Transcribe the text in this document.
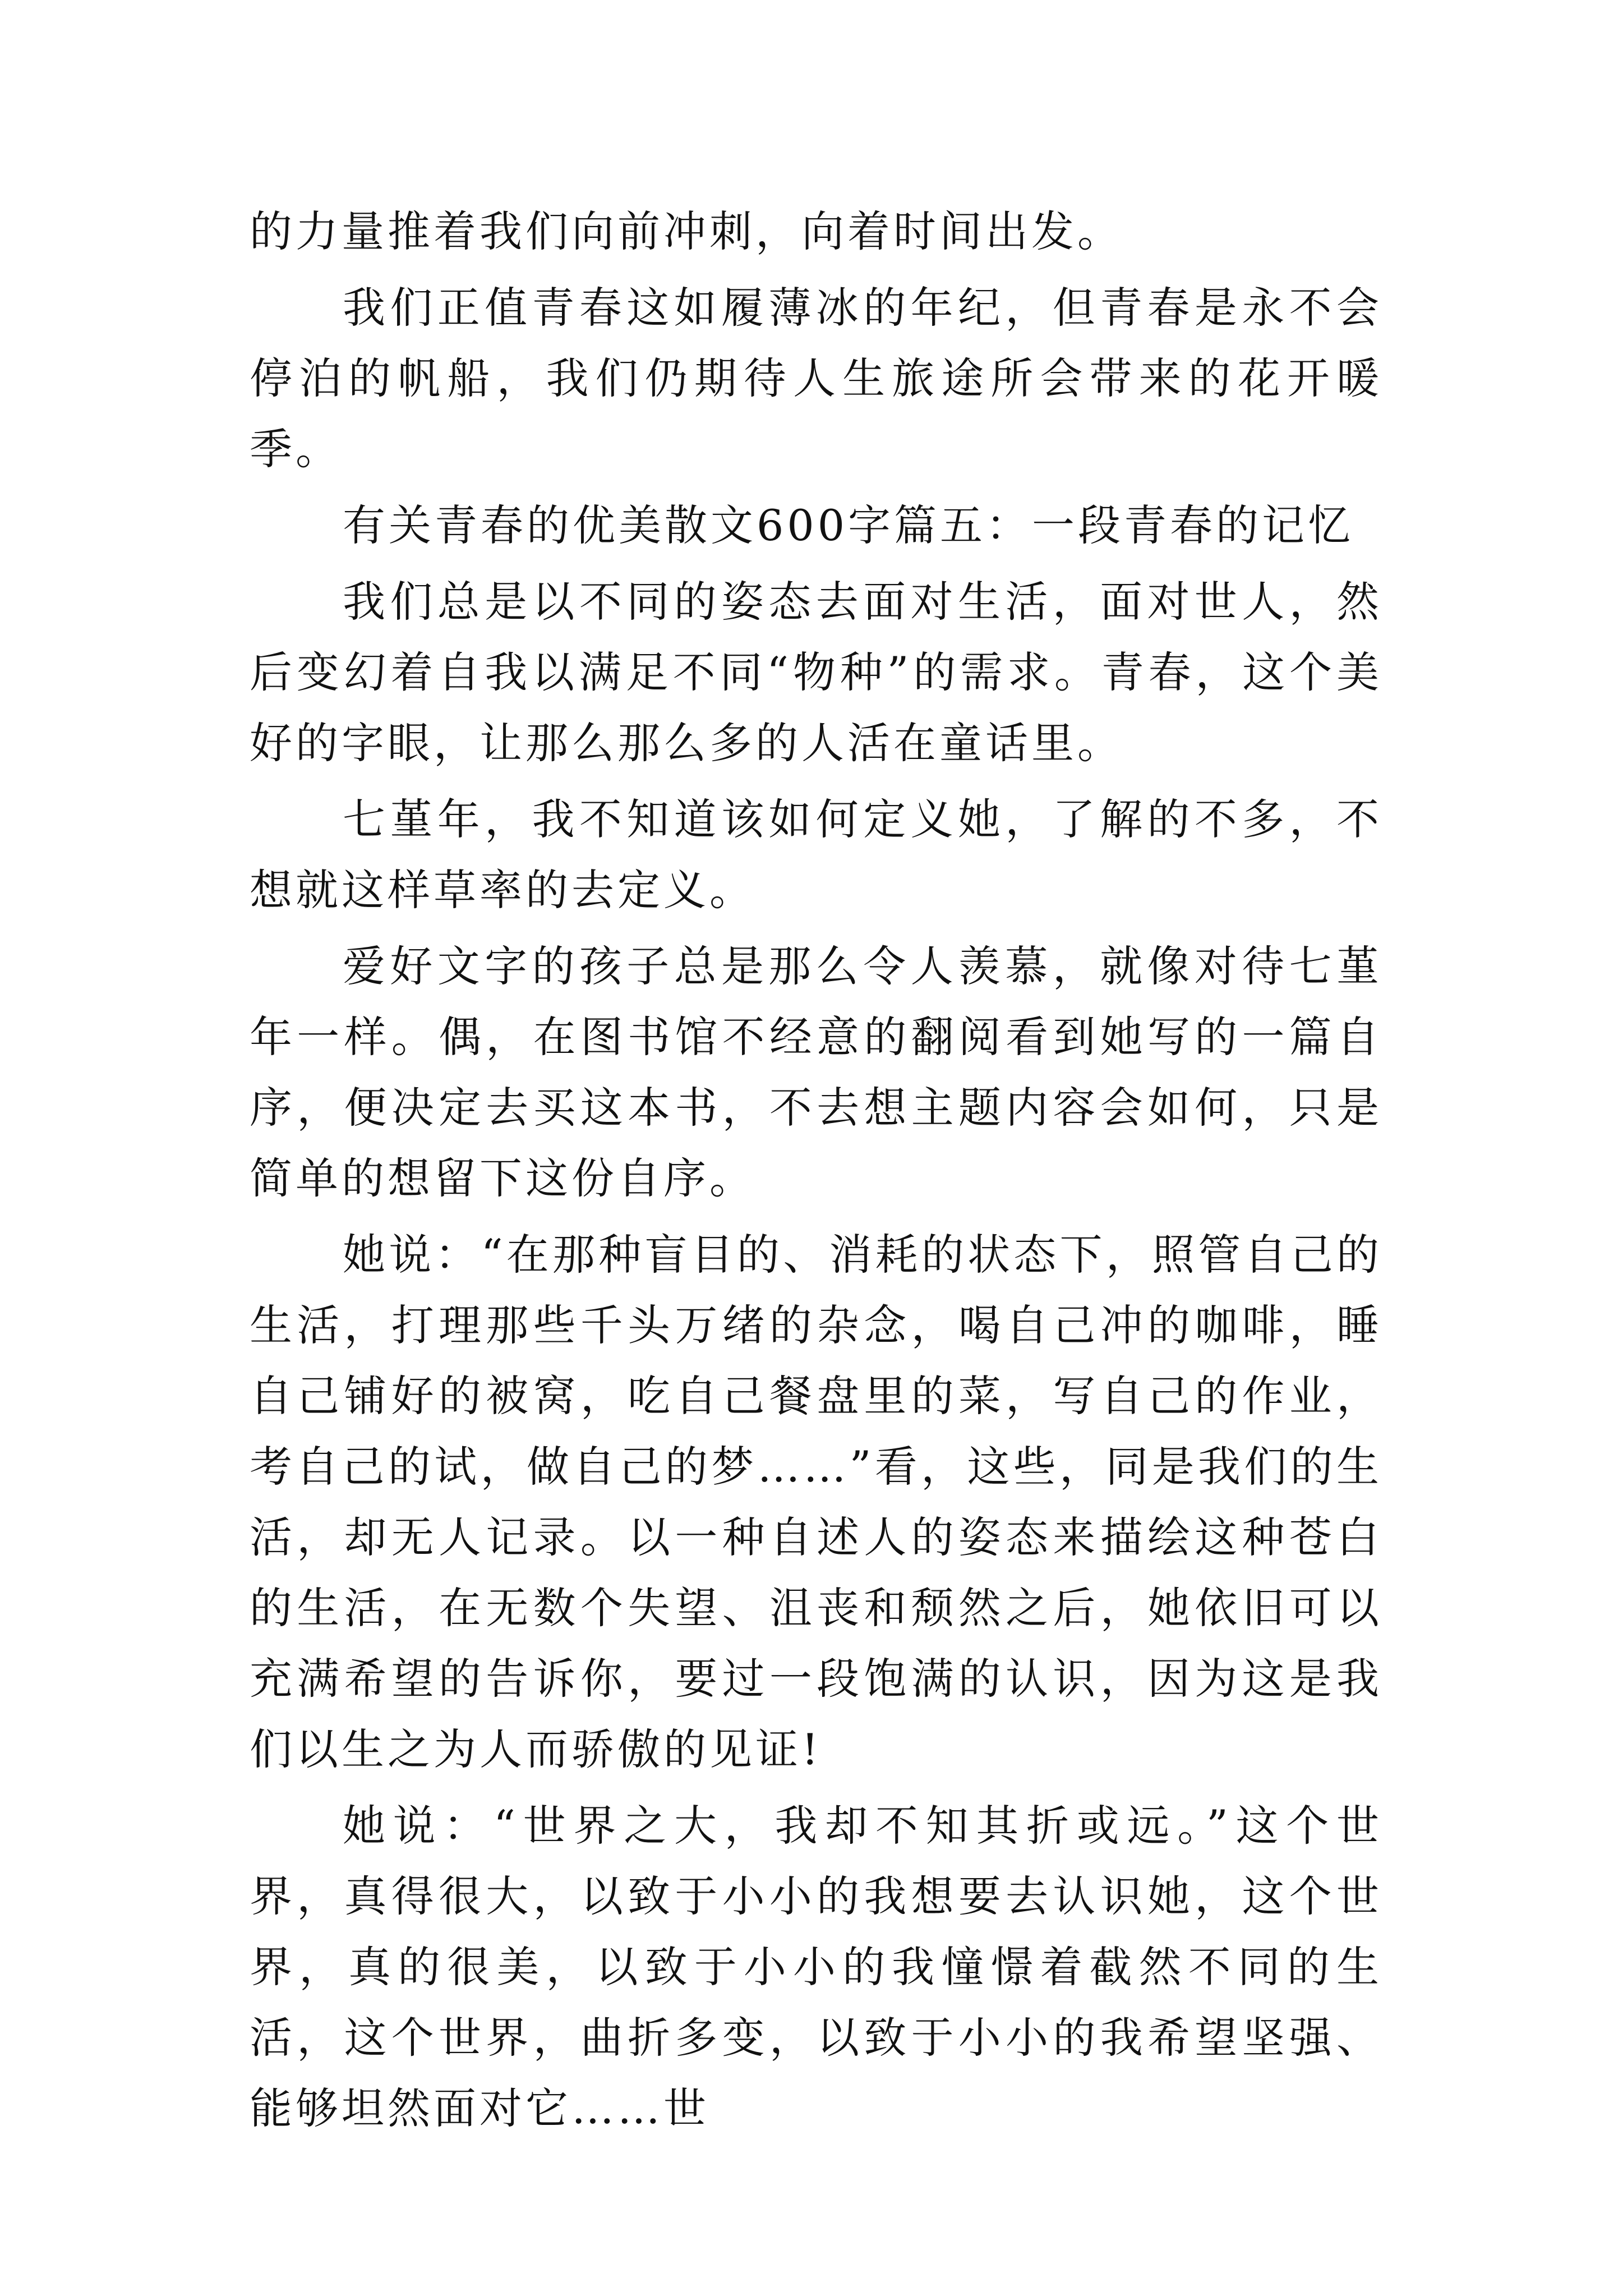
的力量推着我们向前冲刺，向着时间出发。

我们正值青春这如履薄冰的年纪，但青春是永不会停泊的帆船，我们仍期待人生旅途所会带来的花开暖季。

有关青春的优美散文600字篇五：一段青春的记忆

我们总是以不同的姿态去面对生活，面对世人，然后变幻着自我以满足不同“物种”的需求。青春，这个美好的字眼，让那么那么多的人活在童话里。

七堇年，我不知道该如何定义她，了解的不多，不想就这样草率的去定义。

爱好文字的孩子总是那么令人羡慕，就像对待七堇年一样。偶，在图书馆不经意的翻阅看到她写的一篇自序，便决定去买这本书，不去想主题内容会如何，只是简单的想留下这份自序。

她说：“在那种盲目的、消耗的状态下，照管自己的生活，打理那些千头万绪的杂念，喝自己冲的咖啡，睡自己铺好的被窝，吃自己餐盘里的菜，写自己的作业，考自己的试，做自己的梦……”看，这些，同是我们的生活，却无人记录。以一种自述人的姿态来描绘这种苍白的生活，在无数个失望、沮丧和颓然之后，她依旧可以充满希望的告诉你，要过一段饱满的认识，因为这是我们以生之为人而骄傲的见证!

她说：“世界之大，我却不知其折或远。”这个世界，真得很大，以致于小小的我想要去认识她，这个世界，真的很美，以致于小小的我憧憬着截然不同的生活，这个世界，曲折多变，以致于小小的我希望坚强、能够坦然面对它……世
